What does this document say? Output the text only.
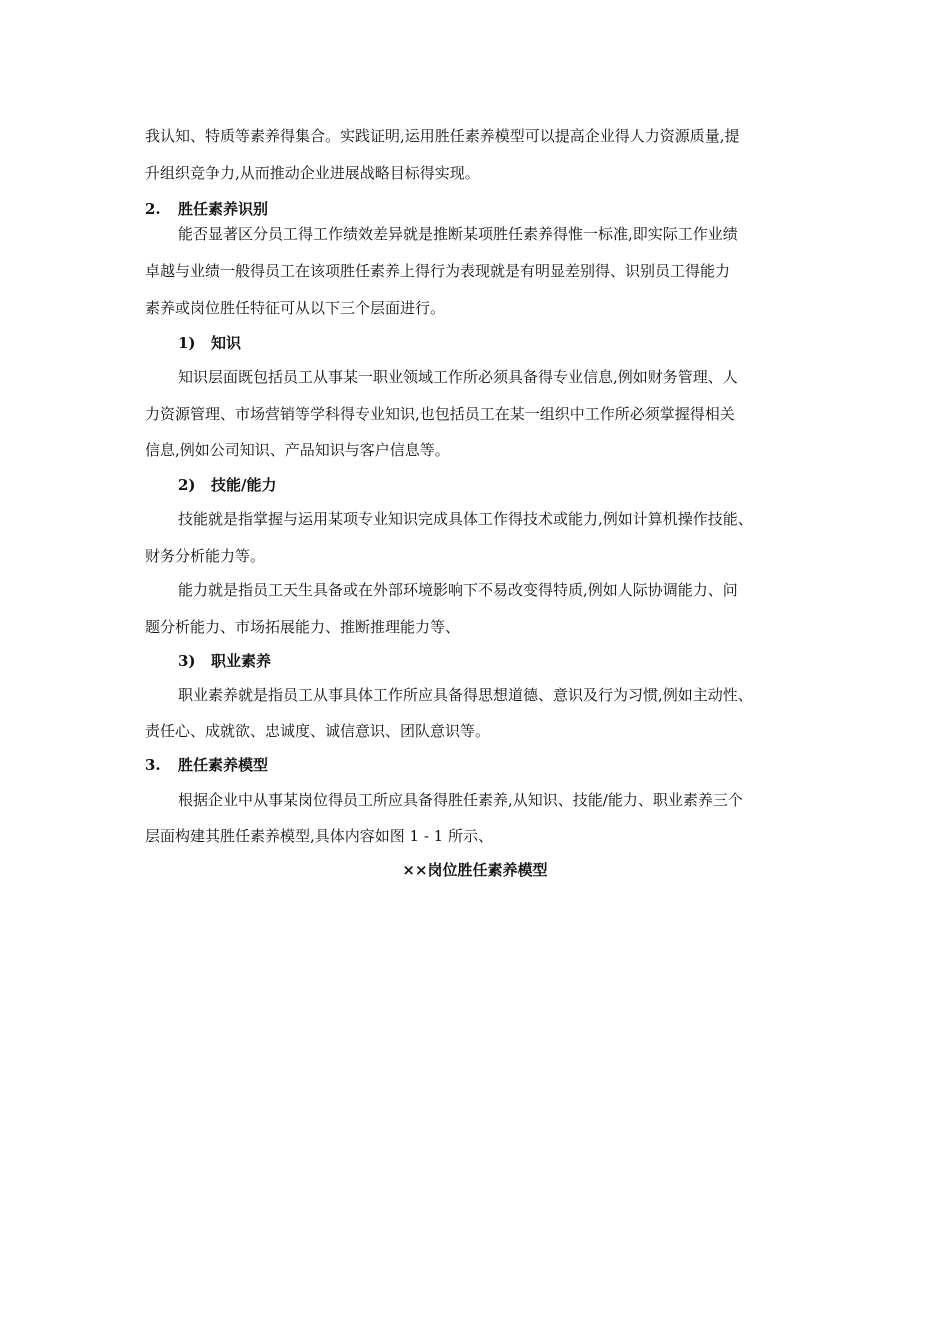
我认知、特质等素养得集合。实践证明,运用胜任素养模型可以提高企业得人力资源质量,提
升组织竞争力,从而推动企业进展战略目标得实现。
2. 胜任素养识别
能否显著区分员工得工作绩效差异就是推断某项胜任素养得惟一标准,即实际工作业绩
卓越与业绩一般得员工在该项胜任素养上得行为表现就是有明显差别得、识别员工得能力
素养或岗位胜任特征可从以下三个层面进行。
1) 知识
知识层面既包括员工从事某一职业领域工作所必须具备得专业信息,例如财务管理、人
力资源管理、市场营销等学科得专业知识,也包括员工在某一组织中工作所必须掌握得相关
信息,例如公司知识、产品知识与客户信息等。
2) 技能/能力
技能就是指掌握与运用某项专业知识完成具体工作得技术或能力,例如计算机操作技能、
财务分析能力等。
能力就是指员工天生具备或在外部环境影响下不易改变得特质,例如人际协调能力、问
题分析能力、市场拓展能力、推断推理能力等、
3) 职业素养
职业素养就是指员工从事具体工作所应具备得思想道德、意识及行为习惯,例如主动性、
责任心、成就欲、忠诚度、诚信意识、团队意识等。
3. 胜任素养模型
根据企业中从事某岗位得员工所应具备得胜任素养,从知识、技能/能力、职业素养三个
层面构建其胜任素养模型,具体内容如图 1 - 1 所示、
××岗位胜任素养模型
